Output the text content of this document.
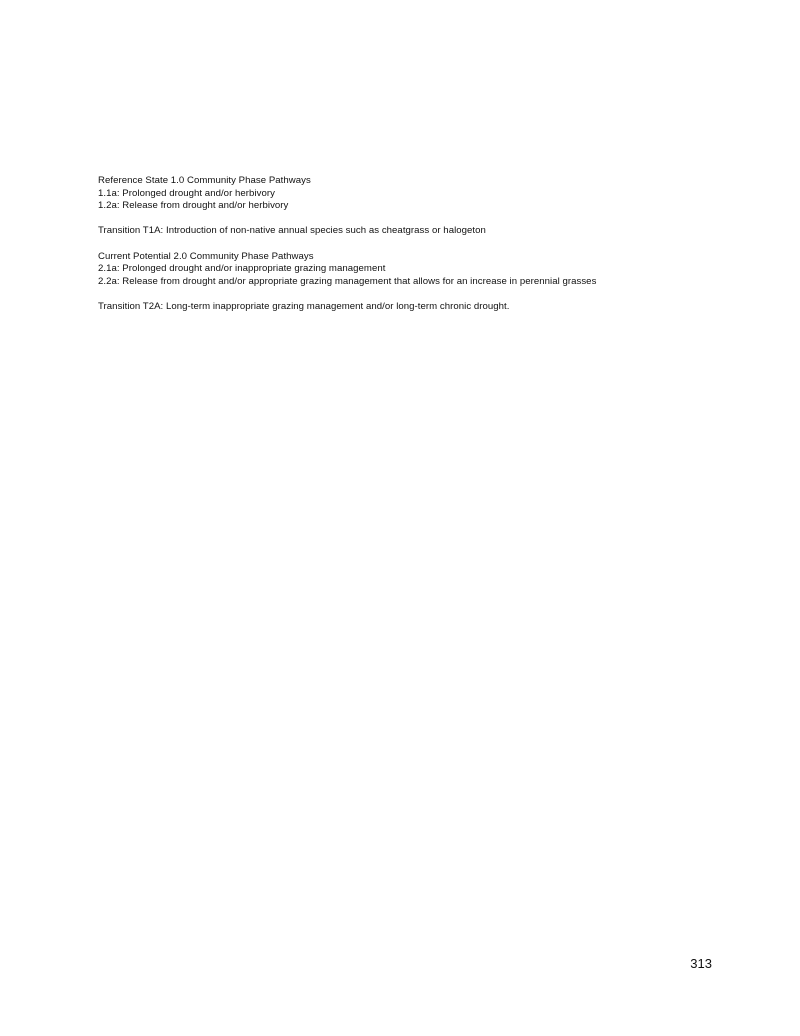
Reference State 1.0 Community Phase Pathways
1.1a: Prolonged drought and/or herbivory
1.2a: Release from drought and/or herbivory
Transition T1A: Introduction of non-native annual species such as cheatgrass or halogeton
Current Potential 2.0 Community Phase Pathways
2.1a: Prolonged drought and/or inappropriate grazing management
2.2a: Release from drought and/or appropriate grazing management that allows for an increase in perennial grasses
Transition T2A: Long-term inappropriate grazing management and/or long-term chronic drought.
313
